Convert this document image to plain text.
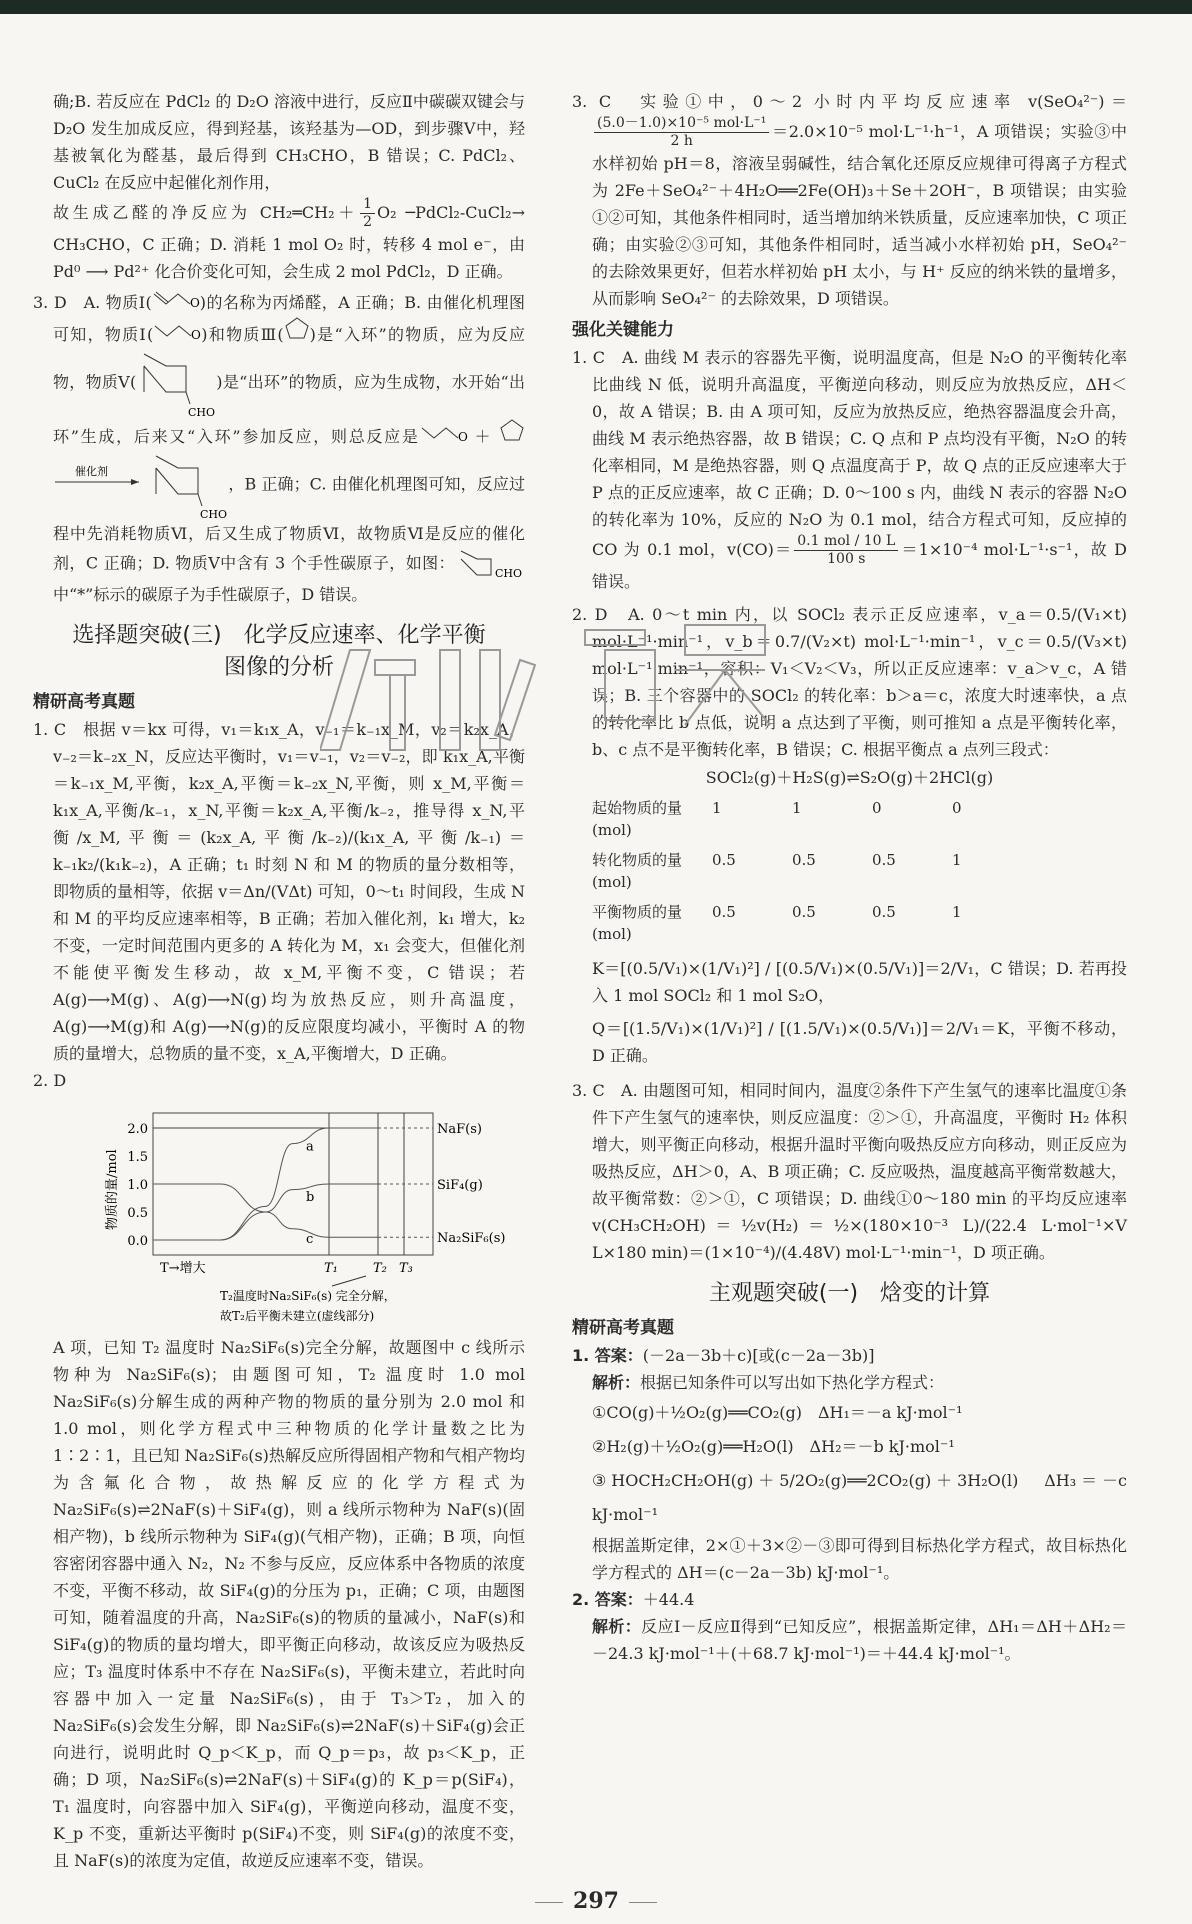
确;B. 若反应在 PdCl₂ 的 D₂O 溶液中进行，反应Ⅱ中碳碳双键会与 D₂O 发生加成反应，得到羟基，该羟基为—OD，到步骤Ⅴ中，羟基被氧化为醛基，最后得到 CH₃CHO，B 错误；C. PdCl₂、CuCl₂ 在反应中起催化剂作用，
故生成乙醛的净反应为 CH₂═CH₂＋ $\frac{1}{2} O_2$ ─PdCl₂-CuCl₂→ CH₃CHO，C 正确；D. 消耗 1 mol O₂ 时，转移 4 mol e⁻，由 Pd⁰ ⟶ Pd²⁺ 化合价变化可知，会生成 2 mol PdCl₂，D 正确。
3. D　A. 物质Ⅰ(	O )的名称为丙烯醛，A 正确；B. 由催化机理图可知，物质Ⅰ(	O )和物质Ⅲ( )是“入环”的物质，应为反应物，物质Ⅴ(
CHO
)是“出环”的物质，应为生成物，水开始“出环”生成，后来又“入环”参加反应，则总反应是	O ＋
催化剂

CHO
，B 正确；C. 由催化机理图可知，反应过程中先消耗物质Ⅵ，后又生成了物质Ⅵ，故物质Ⅵ是反应的催化剂，C 正确；D. 物质Ⅴ中含有 3 个手性碳原子，如图：
CHO
中“*”标示的碳原子为手性碳原子，D 错误。
选择题突破(三)　化学反应速率、化学平衡
图像的分析
精研高考真题
1. C　根据 v＝kx 可得，v₁＝k₁x_A，v₋₁＝k₋₁x_M，v₂＝k₂x_A，v₋₂＝k₋₂x_N，反应达平衡时，v₁＝v₋₁，v₂＝v₋₂，即 k₁x_A,平衡＝k₋₁x_M,平衡，k₂x_A,平衡＝k₋₂x_N,平衡，则 x_M,平衡＝k₁x_A,平衡/k₋₁，x_N,平衡＝k₂x_A,平衡/k₋₂，推导得 x_N,平衡/x_M,平衡＝(k₂x_A,平衡/k₋₂)/(k₁x_A,平衡/k₋₁)＝k₋₁k₂/(k₁k₋₂)，A 正确；t₁ 时刻 N 和 M 的物质的量分数相等，即物质的量相等，依据 v＝Δn/(VΔt) 可知，0～t₁ 时间段，生成 N 和 M 的平均反应速率相等，B 正确；若加入催化剂，k₁ 增大，k₂ 不变，一定时间范围内更多的 A 转化为 M，x₁ 会变大，但催化剂不能使平衡发生移动，故 x_M,平衡不变，C 错误；若 A(g)⟶M(g)、A(g)⟶N(g)均为放热反应，则升高温度，A(g)⟶M(g)和 A(g)⟶N(g)的反应限度均减小，平衡时 A 的物质的量增大，总物质的量不变，x_A,平衡增大，D 正确。
2. D
0.0
0.5
1.0
1.5
2.0
物质的量/mol
T₁	T₂ T₃
T→增大
NaF(s)
a
SiF₄(g)
b
Na₂SiF₆(s)
c
T₂温度时Na₂SiF₆(s) 完全分解，
故T₂后平衡未建立(虚线部分)
A 项，已知 T₂ 温度时 Na₂SiF₆(s)完全分解，故题图中 c 线所示物种为 Na₂SiF₆(s)；由题图可知，T₂ 温度时 1.0 mol Na₂SiF₆(s)分解生成的两种产物的物质的量分别为 2.0 mol 和 1.0 mol，则化学方程式中三种物质的化学计量数之比为 1∶2∶1，且已知 Na₂SiF₆(s)热解反应所得固相产物和气相产物均为含氟化合物，故热解反应的化学方程式为 Na₂SiF₆(s)⇌2NaF(s)＋SiF₄(g)，则 a 线所示物种为 NaF(s)(固相产物)，b 线所示物种为 SiF₄(g)(气相产物)，正确；B 项，向恒容密闭容器中通入 N₂，N₂ 不参与反应，反应体系中各物质的浓度不变，平衡不移动，故 SiF₄(g)的分压为 p₁，正确；C 项，由题图可知，随着温度的升高，Na₂SiF₆(s)的物质的量减小，NaF(s)和 SiF₄(g)的物质的量均增大，即平衡正向移动，故该反应为吸热反应；T₃ 温度时体系中不存在 Na₂SiF₆(s)，平衡未建立，若此时向容器中加入一定量 Na₂SiF₆(s)，由于 T₃＞T₂，加入的 Na₂SiF₆(s)会发生分解，即 Na₂SiF₆(s)⇌2NaF(s)＋SiF₄(g)会正向进行，说明此时 Q_p＜K_p，而 Q_p＝p₃，故 p₃＜K_p，正确；D 项，Na₂SiF₆(s)⇌2NaF(s)＋SiF₄(g)的 K_p＝p(SiF₄)，T₁ 温度时，向容器中加入 SiF₄(g)，平衡逆向移动，温度不变，K_p 不变，重新达平衡时 p(SiF₄)不变，则 SiF₄(g)的浓度不变，且 NaF(s)的浓度为定值，故逆反应速率不变，错误。
3. C　实验①中，0～2 小时内平均反应速率 v(SeO₄²⁻)＝
$\frac{\text{(5.0－1.0)×10⁻⁵ mol·L⁻¹}}{2 h} =2.0\times 10^{-5}$ mol·L⁻¹·h⁻¹，A 项错误；实验③中水样初始 pH＝8，溶液呈弱碱性，结合氧化还原反应规律可得离子方程式为 2Fe＋SeO₄²⁻＋4H₂O══2Fe(OH)₃＋Se＋2OH⁻，B 项错误；由实验①②可知，其他条件相同时，适当增加纳米铁质量，反应速率加快，C 项正确；由实验②③可知，其他条件相同时，适当减小水样初始 pH，SeO₄²⁻ 的去除效果更好，但若水样初始 pH 太小，与 H⁺ 反应的纳米铁的量增多，从而影响 SeO₄²⁻ 的去除效果，D 项错误。
强化关键能力
1. C　A. 曲线 M 表示的容器先平衡，说明温度高，但是 N₂O 的平衡转化率比曲线 N 低，说明升高温度，平衡逆向移动，则反应为放热反应，ΔH＜0，故 A 错误；B. 由 A 项可知，反应为放热反应，绝热容器温度会升高，曲线 M 表示绝热容器，故 B 错误；C. Q 点和 P 点均没有平衡，N₂O 的转化率相同，M 是绝热容器，则 Q 点温度高于 P，故 Q 点的正反应速率大于 P 点的正反应速率，故 C 正确；D. 0～100 s 内，曲线 N 表示的容器 N₂O 的转化率为 10%，反应的 N₂O 为 0.1 mol，结合方程式可知，反应掉的 CO 为 0.1 mol，$v(CO)= \frac{\text{0.1 mol / 10 L}}{100 s} =1\times 10^{-4}$ mol·L⁻¹·s⁻¹，故 D 错误。
2. D　A. 0～t min 内，以 SOCl₂ 表示正反应速率，v_a＝0.5/(V₁×t) mol·L⁻¹·min⁻¹，v_b＝0.7/(V₂×t) mol·L⁻¹·min⁻¹，v_c＝0.5/(V₃×t) mol·L⁻¹·min⁻¹，容积：V₁＜V₂＜V₃，所以正反应速率：v_a＞v_c，A 错误；B. 三个容器中的 SOCl₂ 的转化率：b＞a＝c，浓度大时速率快，a 点的转化率比 b 点低，说明 a 点达到了平衡，则可推知 a 点是平衡转化率，b、c 点不是平衡转化率，B 错误；C. 根据平衡点 a 点列三段式：
SOCl₂(g)＋H₂S(g)⇌S₂O(g)＋2HCl(g)
起始物质的量(mol)
1	1	0	0
转化物质的量(mol)
0.5	0.5	0.5	1
平衡物质的量(mol)
0.5	0.5	0.5	1
K＝[(0.5/V₁)×(1/V₁)²] / [(0.5/V₁)×(0.5/V₁)]＝2/V₁，C 错误；D. 若再投入 1 mol SOCl₂ 和 1 mol S₂O，
Q＝[(1.5/V₁)×(1/V₁)²] / [(1.5/V₁)×(0.5/V₁)]＝2/V₁＝K，平衡不移动，D 正确。
3. C　A. 由题图可知，相同时间内，温度②条件下产生氢气的速率比温度①条件下产生氢气的速率快，则反应温度：②＞①，升高温度，平衡时 H₂ 体积增大，则平衡正向移动，根据升温时平衡向吸热反应方向移动，则正反应为吸热反应，ΔH＞0，A、B 项正确；C. 反应吸热，温度越高平衡常数越大，故平衡常数：②＞①，C 项错误；D. 曲线①0～180 min 的平均反应速率 v(CH₃CH₂OH)＝½v(H₂)＝½×(180×10⁻³ L)/(22.4 L·mol⁻¹×V L×180 min)＝(1×10⁻⁴)/(4.48V) mol·L⁻¹·min⁻¹，D 项正确。
主观题突破(一)　焓变的计算
精研高考真题
1. 答案：(－2a－3b＋c)[或(c－2a－3b)]
解析：根据已知条件可以写出如下热化学方程式：
①CO(g)＋½O₂(g)══CO₂(g)　ΔH₁＝－a kJ·mol⁻¹
②H₂(g)＋½O₂(g)══H₂O(l)　ΔH₂＝－b kJ·mol⁻¹
③HOCH₂CH₂OH(g)＋5/2O₂(g)══2CO₂(g)＋3H₂O(l)　ΔH₃＝－c kJ·mol⁻¹
根据盖斯定律，2×①＋3×②－③即可得到目标热化学方程式，故目标热化学方程式的 ΔH＝(c－2a－3b) kJ·mol⁻¹。
2. 答案：＋44.4
解析：反应Ⅰ－反应Ⅱ得到“已知反应”，根据盖斯定律，ΔH₁＝ΔH＋ΔH₂＝－24.3 kJ·mol⁻¹＋(＋68.7 kJ·mol⁻¹)＝＋44.4 kJ·mol⁻¹。
297
